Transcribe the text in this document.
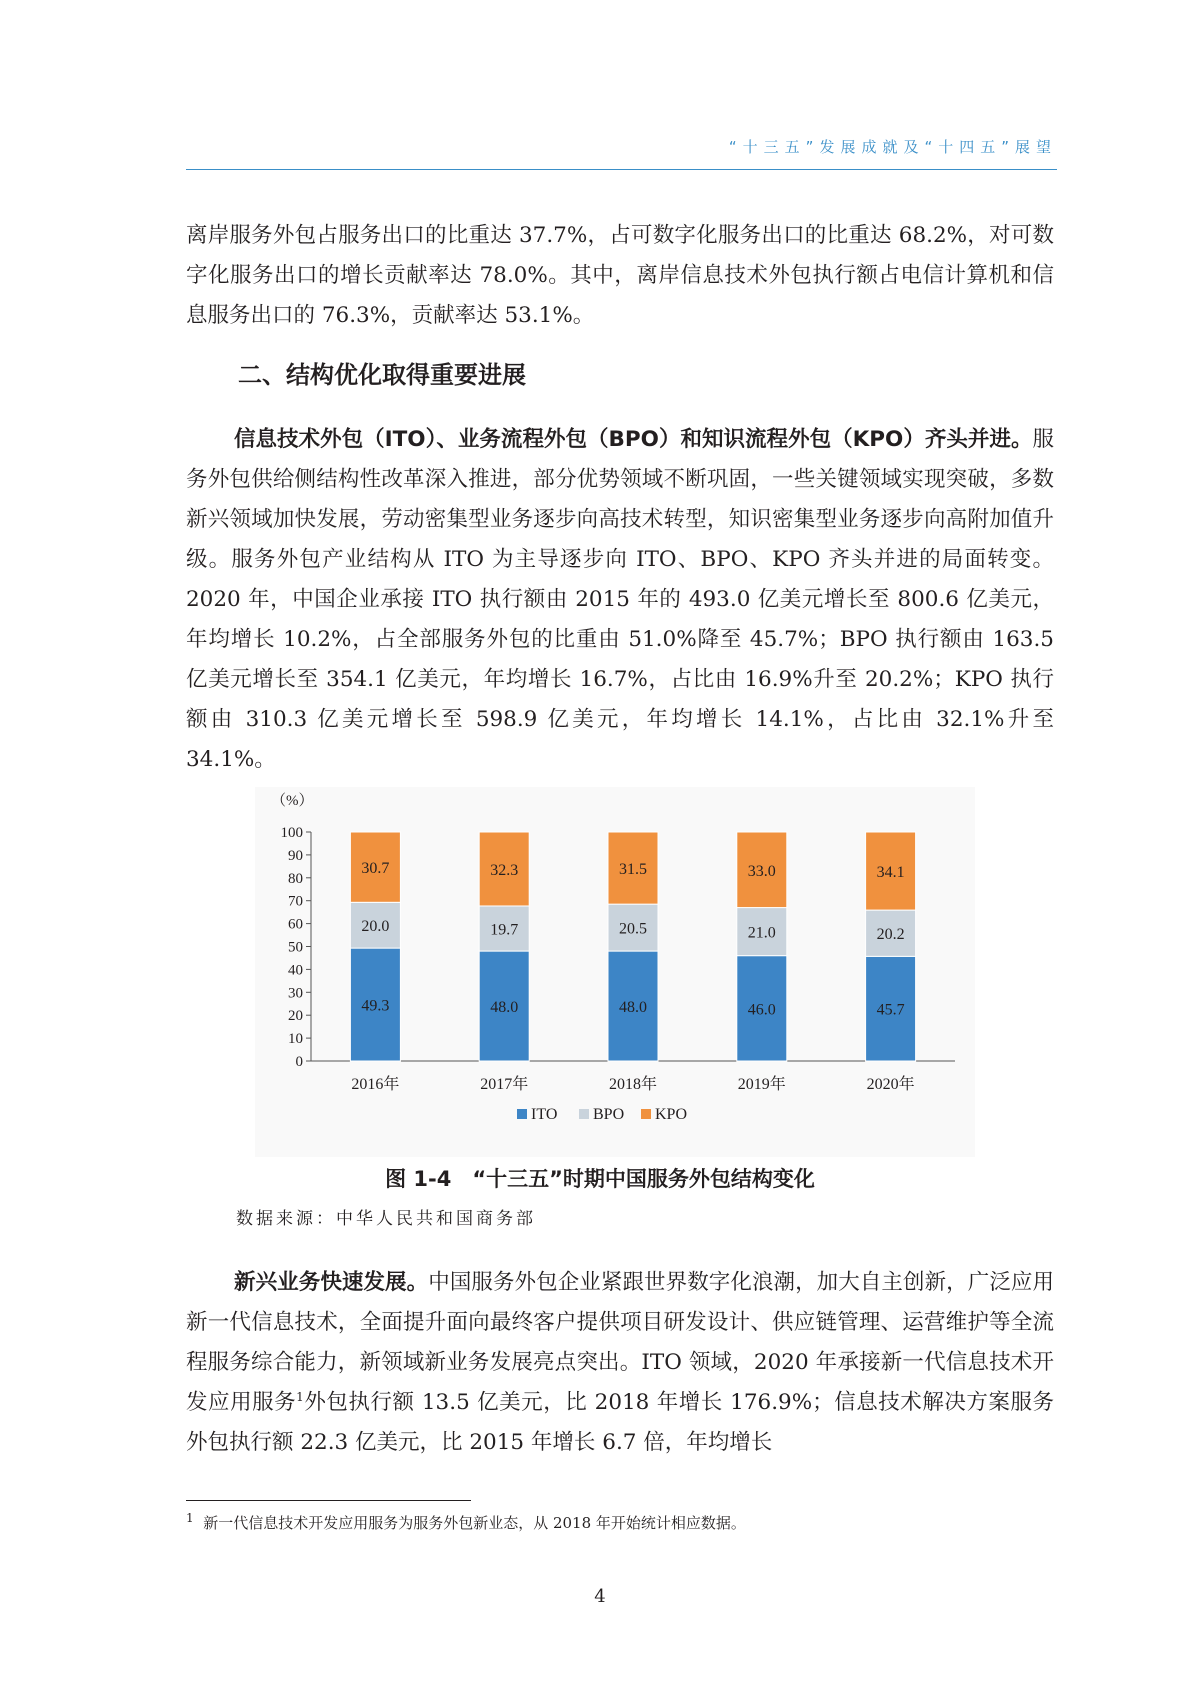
“十三五”发展成就及“十四五”展望

离岸服务外包占服务出口的比重达 37.7%，占可数字化服务出口的比重达 68.2%，对可数字化服务出口的增长贡献率达 78.0%。其中，离岸信息技术外包执行额占电信计算机和信息服务出口的 76.3%，贡献率达 53.1%。

二、结构优化取得重要进展

信息技术外包（ITO）、业务流程外包（BPO）和知识流程外包（KPO）齐头并进。服务外包供给侧结构性改革深入推进，部分优势领域不断巩固，一些关键领域实现突破，多数新兴领域加快发展，劳动密集型业务逐步向高技术转型，知识密集型业务逐步向高附加值升级。服务外包产业结构从 ITO 为主导逐步向 ITO、BPO、KPO 齐头并进的局面转变。2020 年，中国企业承接 ITO 执行额由 2015 年的 493.0 亿美元增长至 800.6 亿美元，年均增长 10.2%，占全部服务外包的比重由 51.0%降至 45.7%；BPO 执行额由 163.5 亿美元增长至 354.1 亿美元，年均增长 16.7%，占比由 16.9%升至 20.2%；KPO 执行额由 310.3 亿美元增长至 598.9 亿美元，年均增长 14.1%，占比由 32.1%升至 34.1%。

（%）
0
10
20
30
40
50
60
70
80
90
100
49.3
20.0
30.7
2016年
48.0
19.7
32.3
2017年
48.0
20.5
31.5
2018年
46.0
21.0
33.0
2019年
45.7
20.2
34.1
2020年
ITO BPO KPO
图 1-4　“十三五”时期中国服务外包结构变化
数据来源：中华人民共和国商务部

新兴业务快速发展。中国服务外包企业紧跟世界数字化浪潮，加大自主创新，广泛应用新一代信息技术，全面提升面向最终客户提供项目研发设计、供应链管理、运营维护等全流程服务综合能力，新领域新业务发展亮点突出。ITO 领域，2020 年承接新一代信息技术开发应用服务$^1$外包执行额 13.5 亿美元，比 2018 年增长 176.9%；信息技术解决方案服务外包执行额 22.3 亿美元，比 2015 年增长 6.7 倍，年均增长

$^1$ 新一代信息技术开发应用服务为服务外包新业态，从 2018 年开始统计相应数据。
4
